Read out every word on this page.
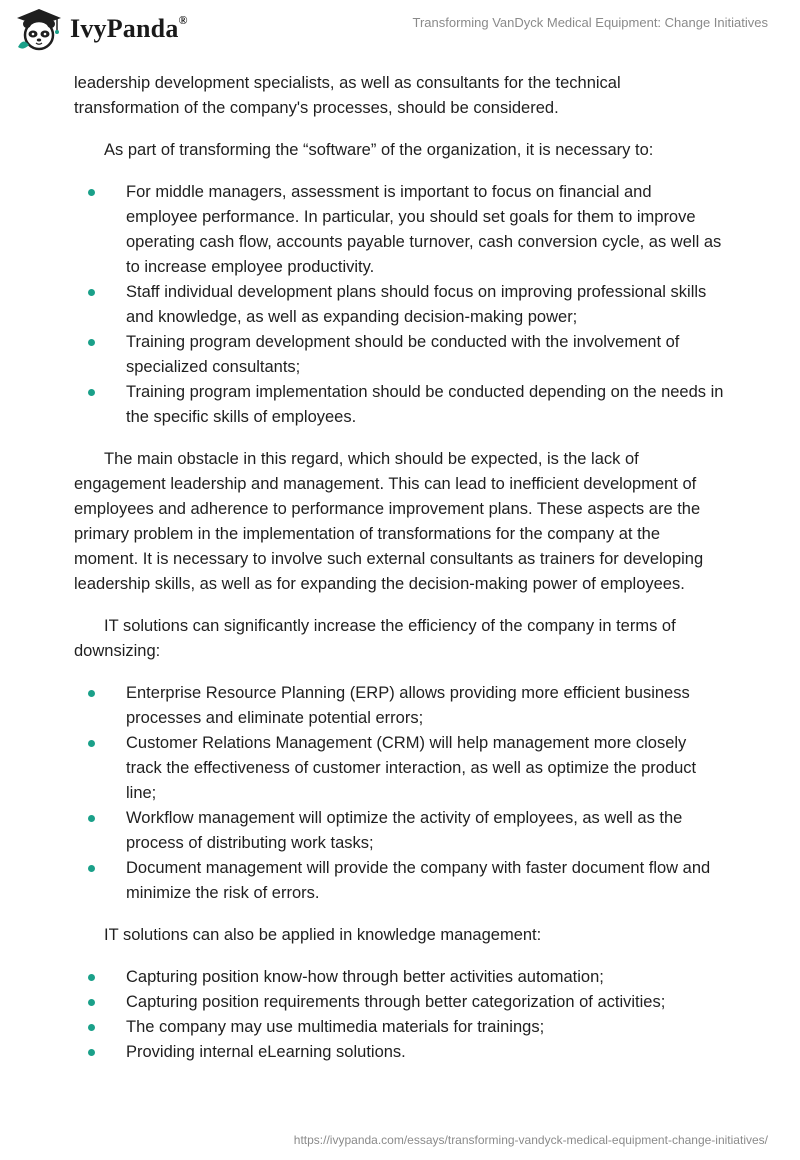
IvyPanda®	Transforming VanDyck Medical Equipment: Change Initiatives

leadership development specialists, as well as consultants for the technical transformation of the company's processes, should be considered.

As part of transforming the “software” of the organization, it is necessary to:

For middle managers, assessment is important to focus on financial and employee performance. In particular, you should set goals for them to improve operating cash flow, accounts payable turnover, cash conversion cycle, as well as to increase employee productivity.
Staff individual development plans should focus on improving professional skills and knowledge, as well as expanding decision-making power;
Training program development should be conducted with the involvement of specialized consultants;
Training program implementation should be conducted depending on the needs in the specific skills of employees.

The main obstacle in this regard, which should be expected, is the lack of engagement leadership and management. This can lead to inefficient development of employees and adherence to performance improvement plans. These aspects are the primary problem in the implementation of transformations for the company at the moment. It is necessary to involve such external consultants as trainers for developing leadership skills, as well as for expanding the decision-making power of employees.

IT solutions can significantly increase the efficiency of the company in terms of downsizing:

Enterprise Resource Planning (ERP) allows providing more efficient business processes and eliminate potential errors;
Customer Relations Management (CRM) will help management more closely track the effectiveness of customer interaction, as well as optimize the product line;
Workflow management will optimize the activity of employees, as well as the process of distributing work tasks;
Document management will provide the company with faster document flow and minimize the risk of errors.

IT solutions can also be applied in knowledge management:

Capturing position know-how through better activities automation;
Capturing position requirements through better categorization of activities;
The company may use multimedia materials for trainings;
Providing internal eLearning solutions.
https://ivypanda.com/essays/transforming-vandyck-medical-equipment-change-initiatives/
